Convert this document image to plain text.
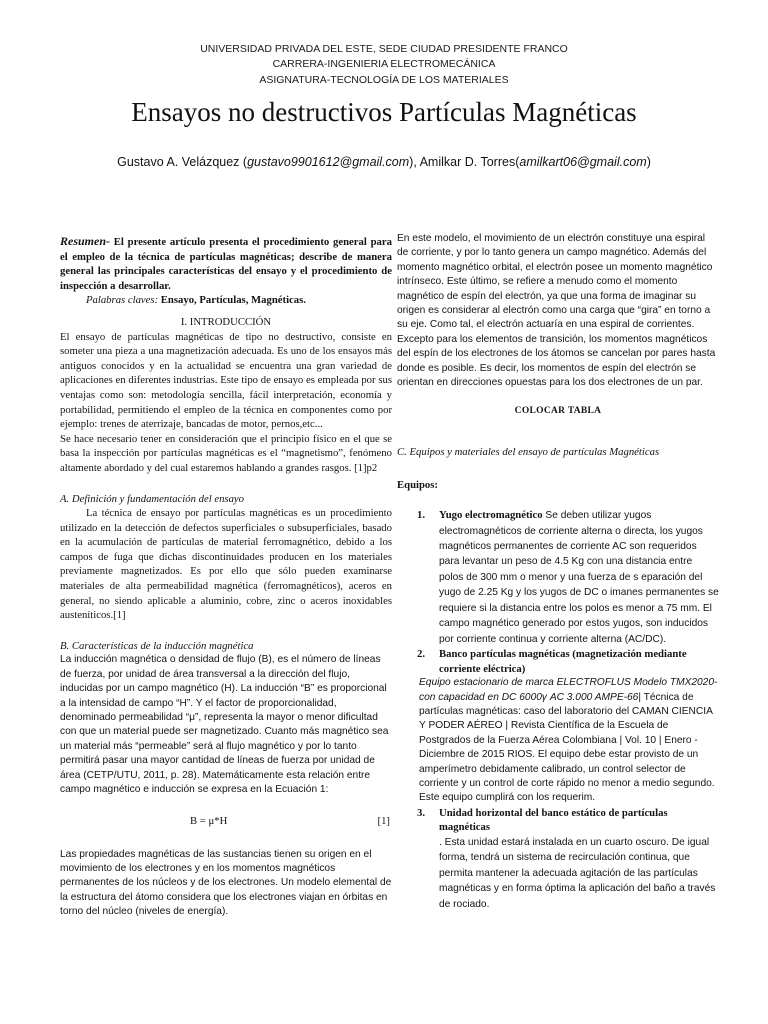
UNIVERSIDAD PRIVADA DEL ESTE, SEDE CIUDAD PRESIDENTE FRANCO
CARRERA-INGENIERIA ELECTROMECÁNICA
ASIGNATURA-TECNOLOGÍA DE LOS MATERIALES
Ensayos no destructivos Partículas Magnéticas
Gustavo A. Velázquez (gustavo9901612@gmail.com), Amilkar D. Torres(amilkart06@gmail.com)

Resumen- El presente artículo presenta el procedimiento general para el empleo de la técnica de partículas magnéticas; describe de manera general las principales características del ensayo y el procedimiento de inspección a desarrollar.

Palabras claves: Ensayo, Partículas, Magnéticas.

I. INTRODUCCIÓN

El ensayo de partículas magnéticas de tipo no destructivo, consiste en someter una pieza a una magnetización adecuada. Es uno de los ensayos más antiguos conocidos y en la actualidad se encuentra una gran variedad de aplicaciones en diferentes industrias. Este tipo de ensayo es empleada por sus ventajas como son: metodología sencilla, fácil interpretación, economía y portabilidad, permitiendo el empleo de la técnica en componentes como por ejemplo: trenes de aterrizaje, bancadas de motor, pernos,etc...

Se hace necesario tener en consideración que el principio físico en el que se basa la inspección por partículas magnéticas es el “magnetismo”, fenómeno altamente abordado y del cual estaremos hablando a grandes rasgos. [1]p2

A. Definición y fundamentación del ensayo

La técnica de ensayo por partículas magnéticas es un procedimiento utilizado en la detección de defectos superficiales o subsuperficiales, basado en la acumulación de partículas de material ferromagnético, debido a los campos de fuga que dichas discontinuidades producen en los materiales previamente magnetizados. Es por ello que sólo pueden examinarse materiales de alta permeabilidad magnética (ferromagnéticos), aceros en general, no siendo aplicable a aluminio, cobre, zinc o aceros inoxidables austeníticos.[1]

B. Características de la inducción magnética

La inducción magnética o densidad de flujo (B), es el número de líneas de fuerza, por unidad de área transversal a la dirección del flujo, inducidas por un campo magnético (H). La inducción “B” es proporcional a la intensidad de campo “H”. Y el factor de proporcionalidad, denominado permeabilidad “μ”, representa la mayor o menor dificultad con que un material puede ser magnetizado. Cuanto más magnético sea un material más “permeable” será al flujo magnético y por lo tanto permitirá pasar una mayor cantidad de líneas de fuerza por unidad de área (CETP/UTU, 2011, p. 28). Matemáticamente esta relación entre campo magnético e inducción se expresa en la Ecuación 1:

B = μ*H	[1]

Las propiedades magnéticas de las sustancias tienen su origen en el movimiento de los electrones y en los momentos magnéticos permanentes de los núcleos y de los electrones. Un modelo elemental de la estructura del átomo considera que los electrones viajan en órbitas en torno del núcleo (niveles de energía).

En este modelo, el movimiento de un electrón constituye una espiral de corriente, y por lo tanto genera un campo magnético. Además del momento magnético orbital, el electrón posee un momento magnético intrínseco. Este último, se refiere a menudo como el momento magnético de espín del electrón, ya que una forma de imaginar su origen es considerar al electrón como una carga que “gira” en torno a su eje. Como tal, el electrón actuaría en una espiral de corrientes. Excepto para los elementos de transición, los momentos magnéticos del espín de los electrones de los átomos se cancelan por pares hasta donde es posible. Es decir, los momentos de espín del electrón se orientan en direcciones opuestas para los dos electrones de un par.

COLOCAR TABLA

C. Equipos y materiales del ensayo de partículas Magnéticas

Equipos:

1. Yugo electromagnético Se deben utilizar yugos electromagnéticos de corriente alterna o directa, los yugos magnéticos permanentes de corriente AC son requeridos para levantar un peso de 4.5 Kg con una distancia entre polos de 300 mm o menor y una fuerza de s eparación del yugo de 2.25 Kg y los yugos de DC o imanes permanentes se requiere si la distancia entre los polos es menor a 75 mm. El campo magnético generado por estos yugos, son inducidos por corriente continua y corriente alterna (AC/DC).
2. Banco partículas magnéticas (magnetización mediante corriente eléctrica)

Equipo estacionario de marca ELECTROFLUS Modelo TMX2020- con capacidad en DC 6000γ AC 3.000 AMPE-66| Técnica de partículas magnéticas: caso del laboratorio del CAMAN CIENCIA Y PODER AÉREO | Revista Científica de la Escuela de Postgrados de la Fuerza Aérea Colombiana | Vol. 10 | Enero - Diciembre de 2015 RIOS. El equipo debe estar provisto de un amperímetro debidamente calibrado, un control selector de corriente y un control de corte rápido no menor a medio segundo. Este equipo cumplirá con los requerim.

3. Unidad horizontal del banco estático de partículas magnéticas
. Esta unidad estará instalada en un cuarto oscuro. De igual forma, tendrá un sistema de recirculación continua, que permita mantener la adecuada agitación de las partículas magnéticas y en forma óptima la aplicación del baño a través de rociado.
